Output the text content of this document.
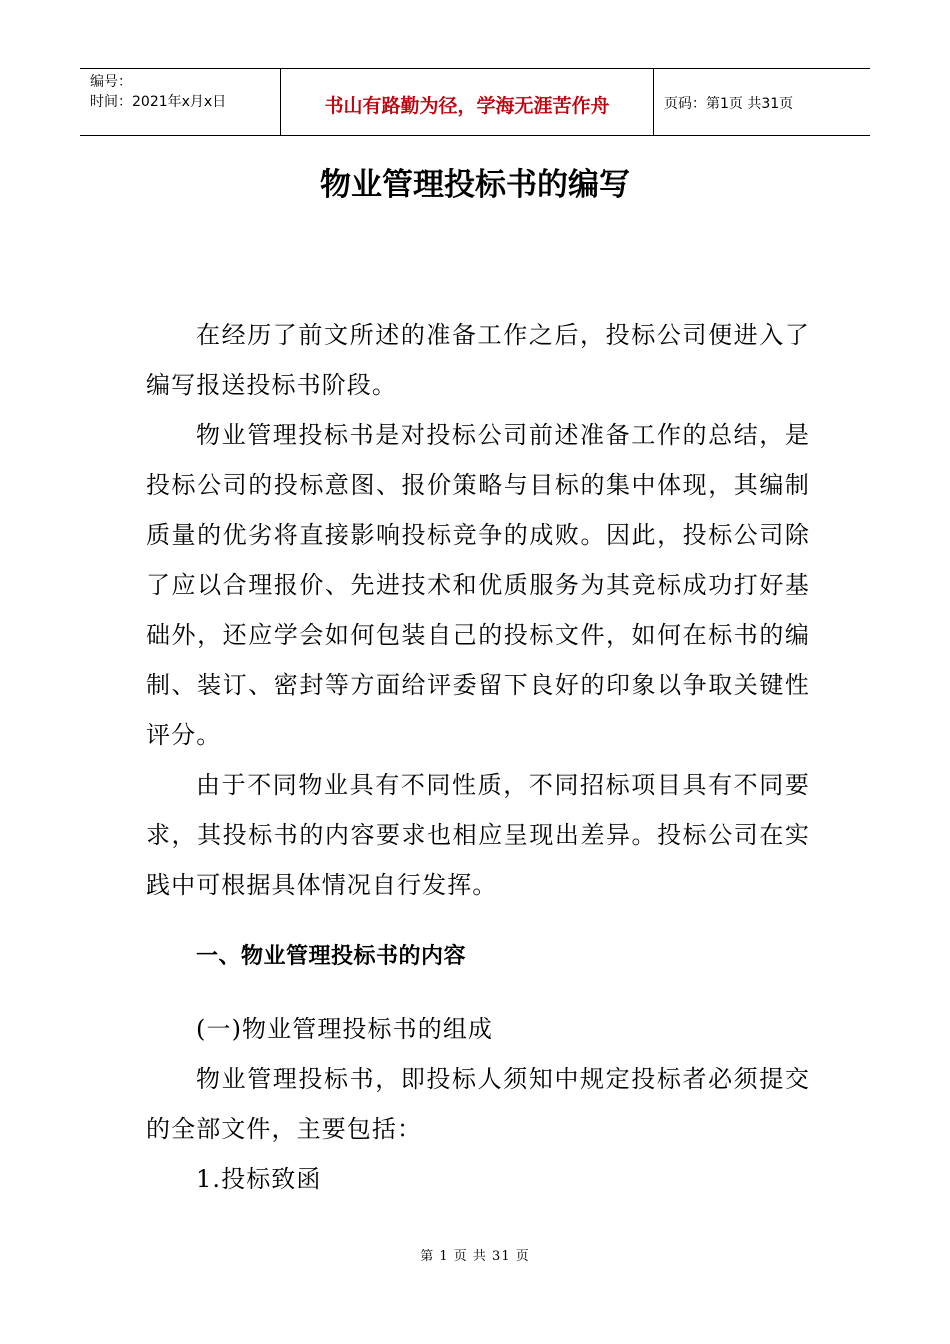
编号：
时间：2021年x月x日	书山有路勤为径，学海无涯苦作舟	页码：第1页 共31页
物业管理投标书的编写

在经历了前文所述的准备工作之后，投标公司便进入了编写报送投标书阶段。

物业管理投标书是对投标公司前述准备工作的总结，是投标公司的投标意图、报价策略与目标的集中体现，其编制质量的优劣将直接影响投标竞争的成败。因此，投标公司除了应以合理报价、先进技术和优质服务为其竞标成功打好基础外，还应学会如何包装自己的投标文件，如何在标书的编制、装订、密封等方面给评委留下良好的印象以争取关键性评分。

由于不同物业具有不同性质，不同招标项目具有不同要求，其投标书的内容要求也相应呈现出差异。投标公司在实践中可根据具体情况自行发挥。

一、物业管理投标书的内容

(一)物业管理投标书的组成

物业管理投标书，即投标人须知中规定投标者必须提交的全部文件，主要包括：

1.投标致函

第 1 页 共 31 页
